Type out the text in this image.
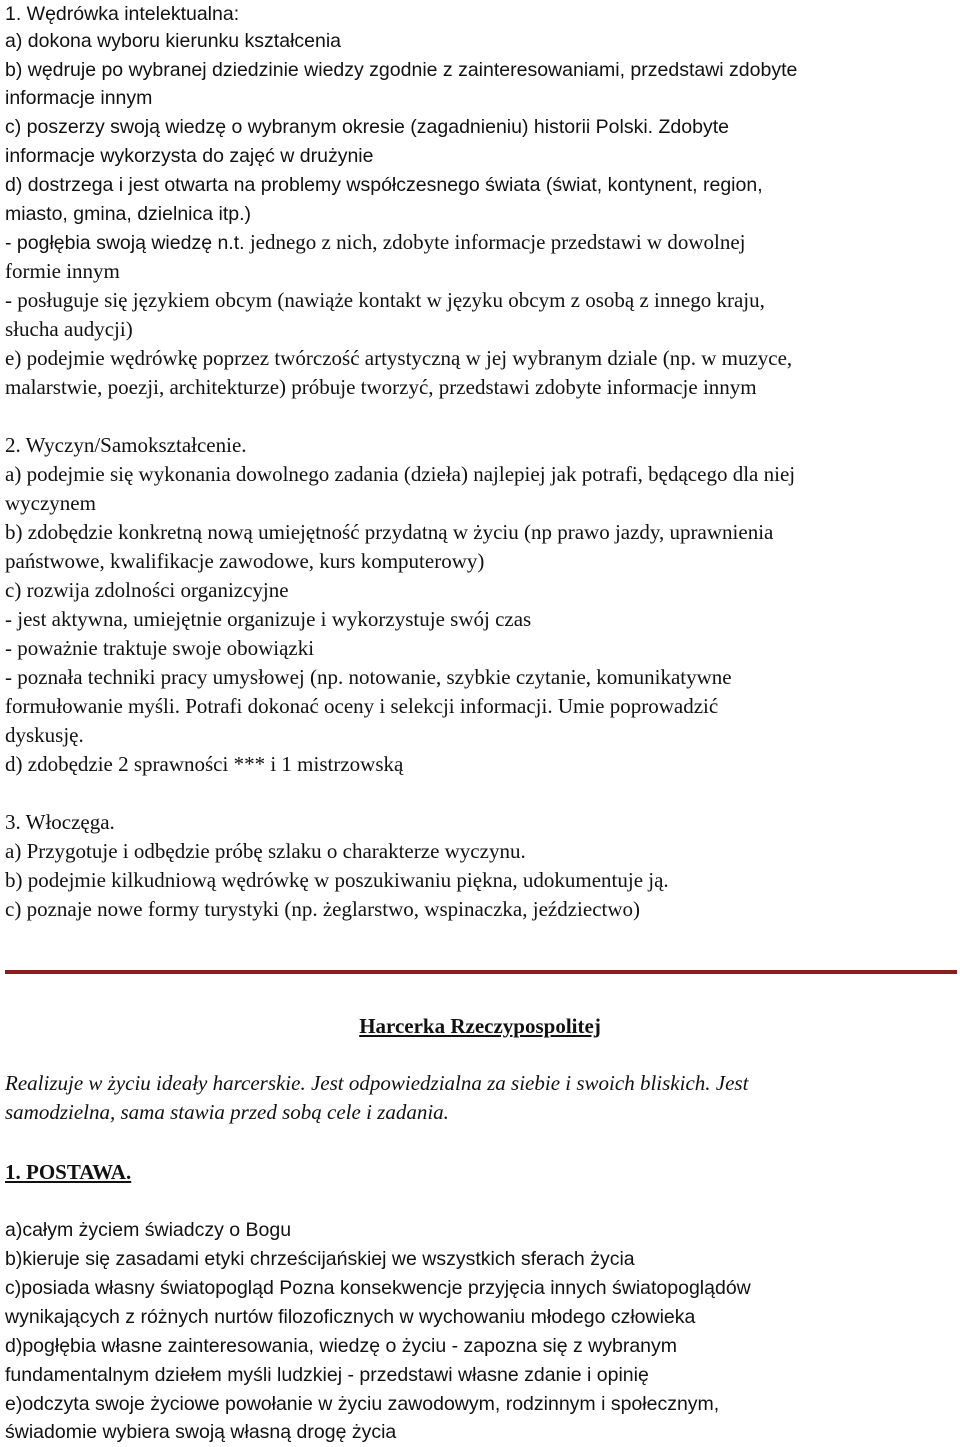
1. Wędrówka intelektualna:
a) dokona wyboru kierunku kształcenia
b) wędruje po wybranej dziedzinie wiedzy zgodnie z zainteresowaniami, przedstawi zdobyte
informacje innym
c) poszerzy swoją wiedzę o wybranym okresie (zagadnieniu) historii Polski. Zdobyte
informacje wykorzysta do zajęć w drużynie
d) dostrzega i jest otwarta na problemy współczesnego świata (świat, kontynent, region,
miasto, gmina, dzielnica itp.)
- pogłębia swoją wiedzę n.t. jednego z nich, zdobyte informacje przedstawi w dowolnej
formie innym
- posługuje się językiem obcym (nawiąże kontakt w języku obcym z osobą z innego kraju,
słucha audycji)
e) podejmie wędrówkę poprzez twórczość artystyczną w jej wybranym dziale (np. w muzyce,
malarstwie, poezji, architekturze) próbuje tworzyć, przedstawi zdobyte informacje innym
2. Wyczyn/Samokształcenie.
a) podejmie się wykonania dowolnego zadania (dzieła) najlepiej jak potrafi, będącego dla niej
wyczynem
b) zdobędzie konkretną nową umiejętność przydatną w życiu (np prawo jazdy, uprawnienia
państwowe, kwalifikacje zawodowe, kurs komputerowy)
c) rozwija zdolności organizcyjne
- jest aktywna, umiejętnie organizuje i wykorzystuje swój czas
- poważnie traktuje swoje obowiązki
- poznała techniki pracy umysłowej (np. notowanie, szybkie czytanie, komunikatywne
formułowanie myśli. Potrafi dokonać oceny i selekcji informacji. Umie poprowadzić
dyskusję.
d) zdobędzie 2 sprawności *** i 1 mistrzowską
3. Włoczęga.
a) Przygotuje i odbędzie próbę szlaku o charakterze wyczynu.
b) podejmie kilkudniową wędrówkę w poszukiwaniu piękna, udokumentuje ją.
c) poznaje nowe formy turystyki (np. żeglarstwo, wspinaczka, jeździectwo)
Harcerka Rzeczypospolitej
Realizuje w życiu ideały harcerskie. Jest odpowiedzialna za siebie i swoich bliskich. Jest
samodzielna, sama stawia przed sobą cele i zadania.
1. POSTAWA.
a)całym życiem świadczy o Bogu
b)kieruje się zasadami etyki chrześcijańskiej we wszystkich sferach życia
c)posiada własny światopogląd Pozna konsekwencje przyjęcia innych światopoglądów
wynikających z różnych nurtów filozoficznych w wychowaniu młodego człowieka
d)pogłębia własne zainteresowania, wiedzę o życiu - zapozna się z wybranym
fundamentalnym dziełem myśli ludzkiej - przedstawi własne zdanie i opinię
e)odczyta swoje życiowe powołanie w życiu zawodowym, rodzinnym i społecznym,
świadomie wybiera swoją własną drogę życia
